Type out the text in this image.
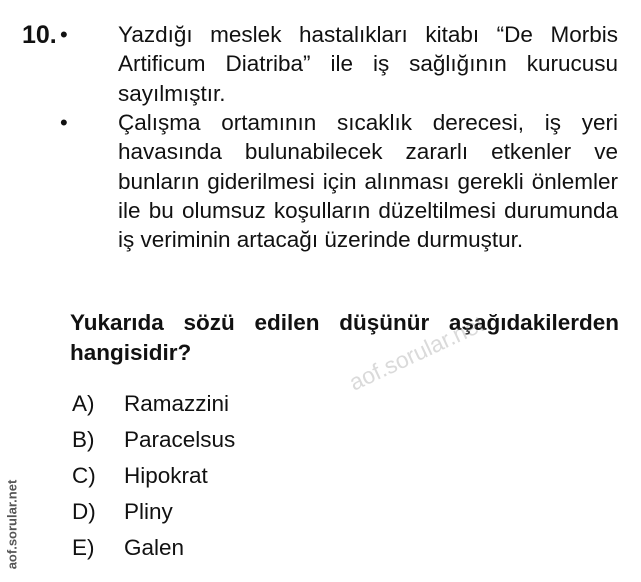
10. • Yazdığı meslek hastalıkları kitabı “De Morbis Artificum Diatriba” ile iş sağlığının kurucusu sayılmıştır.
• Çalışma ortamının sıcaklık derecesi, iş yeri havasında bulunabilecek zararlı etkenler ve bunların giderilmesi için alınması gerekli önlemler ile bu olumsuz koşulların düzeltilmesi durumunda iş veriminin artacağı üzerinde durmuştur.
Yukarıda sözü edilen düşünür aşağıdakilerden hangisidir?
A)	Ramazzini
B)	Paracelsus
C)	Hipokrat
D)	Pliny
E)	Galen
aof.sorular.net
aof.sorular.net
